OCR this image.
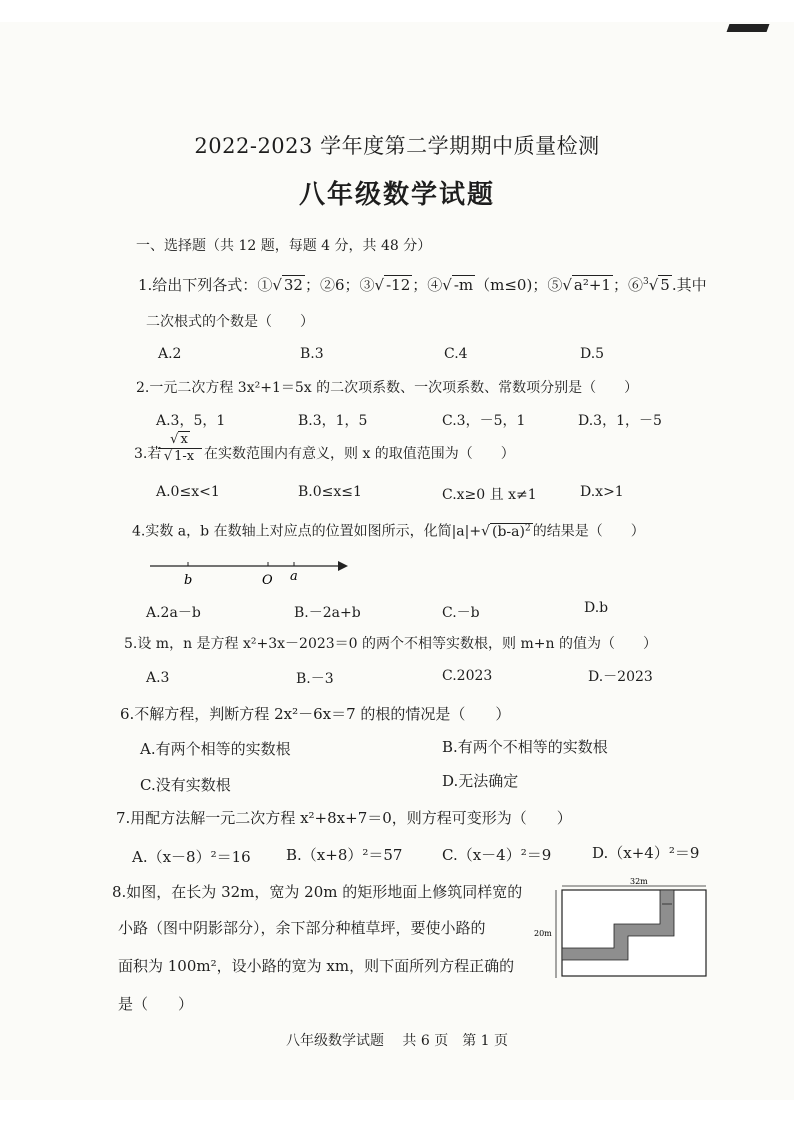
2022-2023 学年度第二学期期中质量检测
八年级数学试题
一、选择题（共 12 题，每题 4 分，共 48 分）
1.给出下列各式：①√ 32 ；②6；③√ -12 ；④√ -m （m≤0)；⑤√ a²+1 ；⑥$^3$√ 5 .其中
二次根式的个数是（　　）
A.2	B.3	C.4	D.5
2.一元二次方程 3x²+1＝5x 的二次项系数、一次项系数、常数项分别是（　　）
A.3，5，1	B.3，1，5	C.3，－5，1	D.3，1，－5
3.若
$\frac{√ x}{√ 1-x}$ 在实数范围内有意义，则 x 的取值范围为（　　）
A.0≤x<1	B.0≤x≤1	C.x≥0 且 x≠1	D.x>1
4.实数 a，b 在数轴上对应点的位置如图所示，化简|a|+√ $(b-a)^2$ 的结果是（　　）
b	O a
A.2a－b	B.－2a+b	C.－b	D.b
5.设 m，n 是方程 x²+3x－2023＝0 的两个不相等实数根，则 m+n 的值为（　　）
A.3	B.－3	C.2023	D.－2023
6.不解方程，判断方程 2x²－6x＝7 的根的情况是（　　）
A.有两个相等的实数根	B.有两个不相等的实数根
C.没有实数根	D.无法确定
7.用配方法解一元二次方程 x²+8x+7＝0，则方程可变形为（　　）
A.（x－8）²＝16 B.（x+8）²＝57	C.（x－4）²＝9	D.（x+4）²＝9
8.如图，在长为 32m，宽为 20m 的矩形地面上修筑同样宽的
小路（图中阴影部分），余下部分种植草坪，要使小路的
面积为 100m²，设小路的宽为 xm，则下面所列方程正确的
是（　　）
32m
20m
八年级数学试题　 共 6 页　第 1 页
